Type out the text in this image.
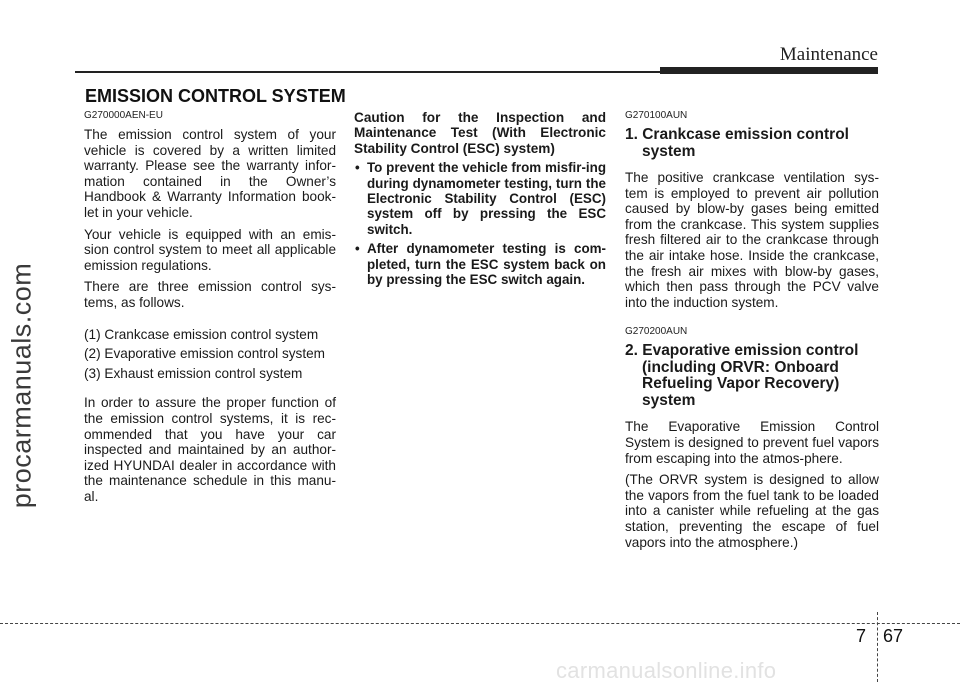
Maintenance
procarmanuals.com
EMISSION CONTROL SYSTEM
G270000AEN-EU

The emission control system of your vehicle is covered by a written limited warranty. Please see the warranty infor-mation contained in the Owner’s Handbook & Warranty Information book-let in your vehicle.

Your vehicle is equipped with an emis-sion control system to meet all applicable emission regulations.

There are three emission control sys-tems, as follows.

(1) Crankcase emission control system
(2) Evaporative emission control system
(3) Exhaust emission control system

In order to assure the proper function of the emission control systems, it is rec-ommended that you have your car inspected and maintained by an author-ized HYUNDAI dealer in accordance with the maintenance schedule in this manu-al.

Caution for the Inspection and Maintenance Test (With Electronic Stability Control (ESC) system)

• To prevent the vehicle from misfir-ing during dynamometer testing, turn the Electronic Stability Control (ESC) system off by pressing the ESC switch.
• After dynamometer testing is com-pleted, turn the ESC system back on by pressing the ESC switch again.
G270100AUN
1. Crankcase emission control system

The positive crankcase ventilation sys-tem is employed to prevent air pollution caused by blow-by gases being emitted from the crankcase. This system supplies fresh filtered air to the crankcase through the air intake hose. Inside the crankcase, the fresh air mixes with blow-by gases, which then pass through the PCV valve into the induction system.

G270200AUN
2. Evaporative emission control (including ORVR: Onboard Refueling Vapor Recovery) system

The Evaporative Emission Control System is designed to prevent fuel vapors from escaping into the atmos-phere.

(The ORVR system is designed to allow the vapors from the fuel tank to be loaded into a canister while refueling at the gas station, preventing the escape of fuel vapors into the atmosphere.)

7 67
carmanualsonline.info
